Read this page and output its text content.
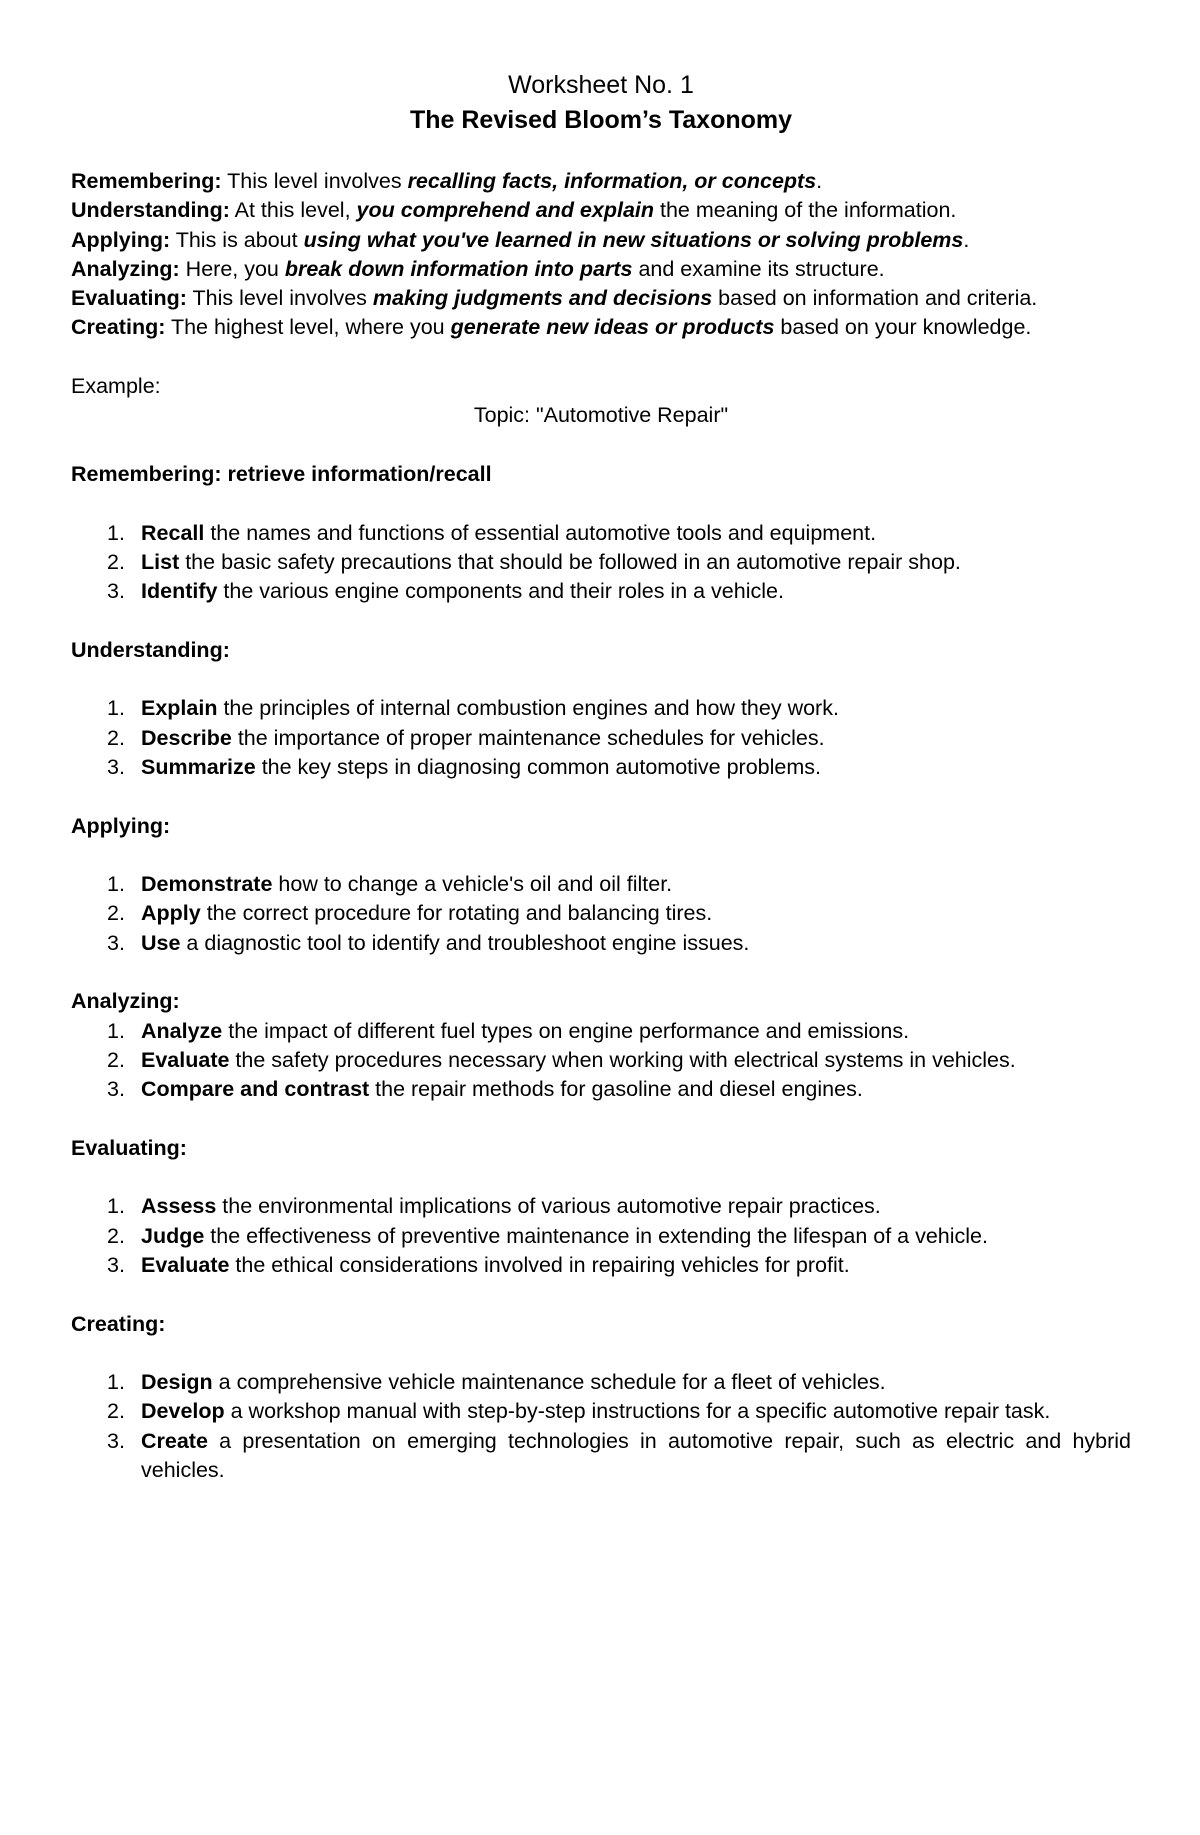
Worksheet No. 1
The Revised Bloom’s Taxonomy
Remembering: This level involves recalling facts, information, or concepts.
Understanding: At this level, you comprehend and explain the meaning of the information.
Applying: This is about using what you've learned in new situations or solving problems.
Analyzing: Here, you break down information into parts and examine its structure.
Evaluating: This level involves making judgments and decisions based on information and criteria.
Creating: The highest level, where you generate new ideas or products based on your knowledge.
Example:
Topic: "Automotive Repair"
Remembering: retrieve information/recall
1. Recall the names and functions of essential automotive tools and equipment.
2. List the basic safety precautions that should be followed in an automotive repair shop.
3. Identify the various engine components and their roles in a vehicle.
Understanding:
1. Explain the principles of internal combustion engines and how they work.
2. Describe the importance of proper maintenance schedules for vehicles.
3. Summarize the key steps in diagnosing common automotive problems.
Applying:
1. Demonstrate how to change a vehicle's oil and oil filter.
2. Apply the correct procedure for rotating and balancing tires.
3. Use a diagnostic tool to identify and troubleshoot engine issues.
Analyzing:
1. Analyze the impact of different fuel types on engine performance and emissions.
2. Evaluate the safety procedures necessary when working with electrical systems in vehicles.
3. Compare and contrast the repair methods for gasoline and diesel engines.
Evaluating:
1. Assess the environmental implications of various automotive repair practices.
2. Judge the effectiveness of preventive maintenance in extending the lifespan of a vehicle.
3. Evaluate the ethical considerations involved in repairing vehicles for profit.
Creating:
1. Design a comprehensive vehicle maintenance schedule for a fleet of vehicles.
2. Develop a workshop manual with step-by-step instructions for a specific automotive repair task.
3. Create a presentation on emerging technologies in automotive repair, such as electric and hybrid vehicles.
